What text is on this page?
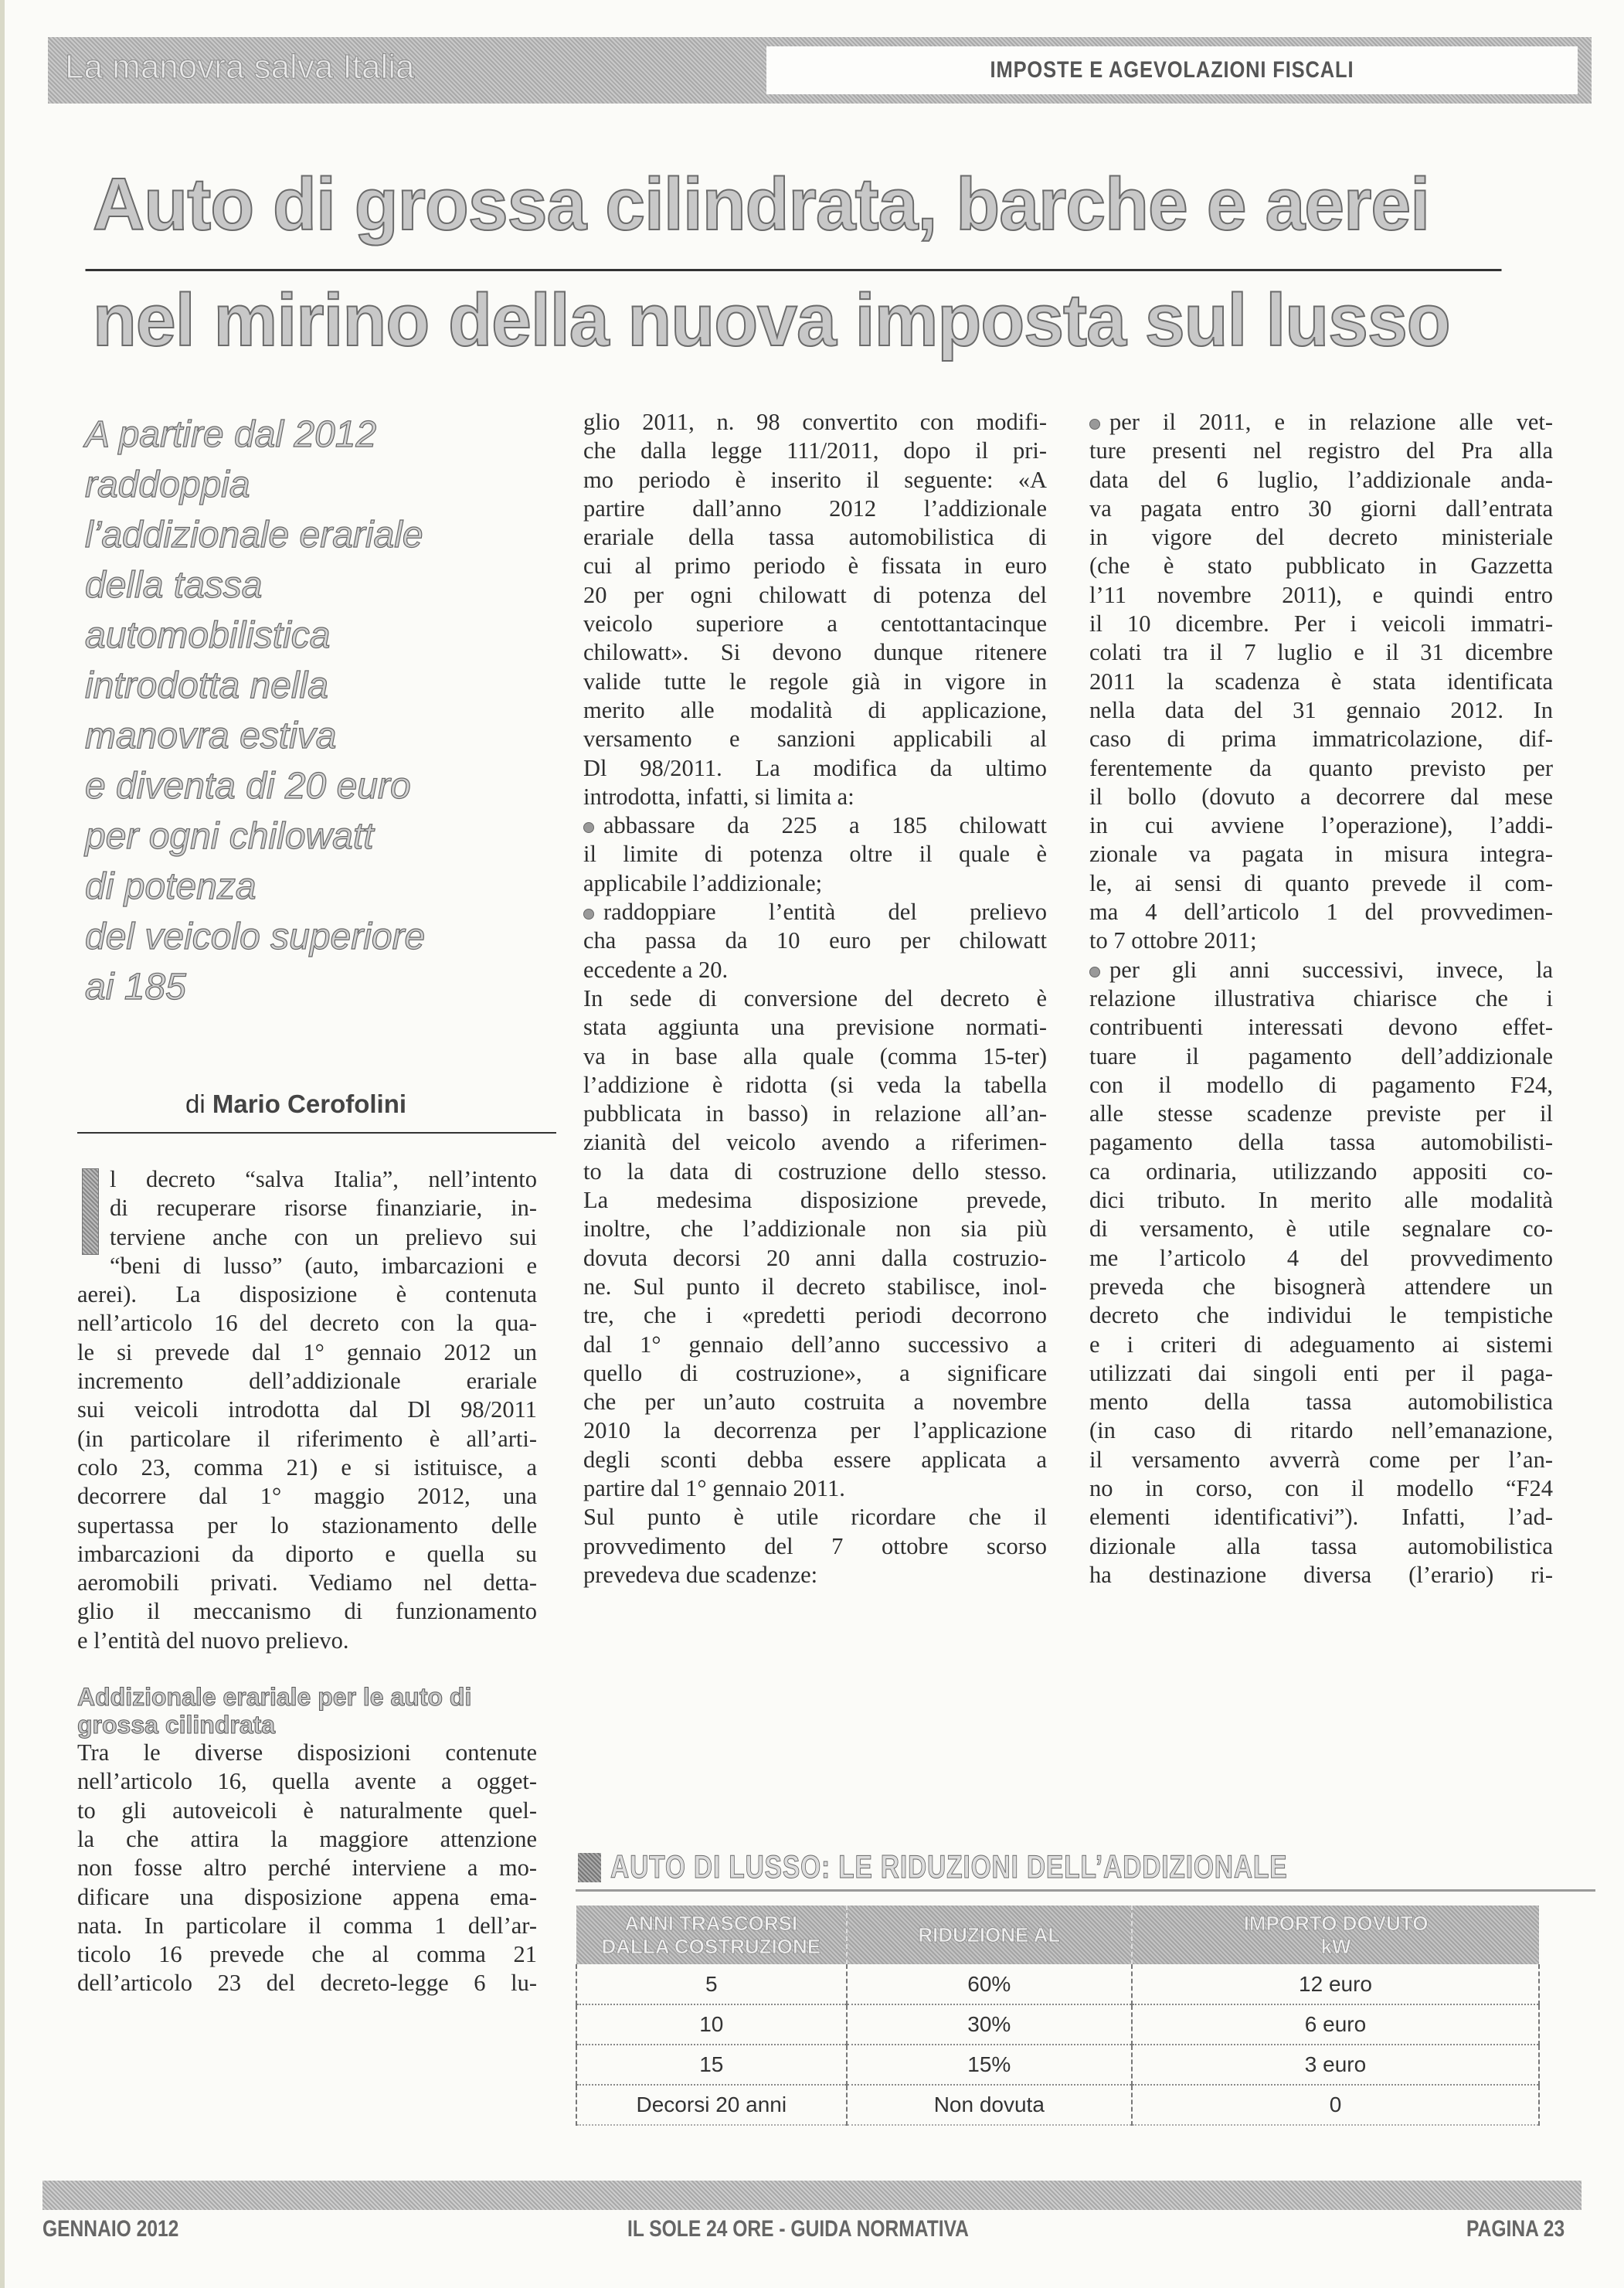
La manovra salva Italia	IMPOSTE E AGEVOLAZIONI FISCALI
Auto di grossa cilindrata, barche e aerei
nel mirino della nuova imposta sul lusso
A partire dal 2012
raddoppia
l’addizionale erariale
della tassa
automobilistica
introdotta nella
manovra estiva
e diventa di 20 euro
per ogni chilowatt
di potenza
del veicolo superiore
ai 185
di Mario Cerofolini
l decreto “salva Italia”, nell’intento
di recuperare risorse finanziarie, in-
terviene anche con un prelievo sui
“beni di lusso” (auto, imbarcazioni e
aerei). La disposizione è contenuta
nell’articolo 16 del decreto con la qua-
le si prevede dal 1° gennaio 2012 un
incremento dell’addizionale erariale
sui veicoli introdotta dal Dl 98/2011
(in particolare il riferimento è all’arti-
colo 23, comma 21) e si istituisce, a
decorrere dal 1° maggio 2012, una
supertassa per lo stazionamento delle
imbarcazioni da diporto e quella su
aeromobili privati. Vediamo nel detta-
glio il meccanismo di funzionamento
e l’entità del nuovo prelievo.
Addizionale erariale per le auto di grossa cilindrata
Tra le diverse disposizioni contenute
nell’articolo 16, quella avente a ogget-
to gli autoveicoli è naturalmente quel-
la che attira la maggiore attenzione
non fosse altro perché interviene a mo-
dificare una disposizione appena ema-
nata. In particolare il comma 1 dell’ar-
ticolo 16 prevede che al comma 21
dell’articolo 23 del decreto-legge 6 lu-
glio 2011, n. 98 convertito con modifi-
che dalla legge 111/2011, dopo il pri-
mo periodo è inserito il seguente: «A
partire dall’anno 2012 l’addizionale
erariale della tassa automobilistica di
cui al primo periodo è fissata in euro
20 per ogni chilowatt di potenza del
veicolo superiore a centottantacinque
chilowatt». Si devono dunque ritenere
valide tutte le regole già in vigore in
merito alle modalità di applicazione,
versamento e sanzioni applicabili al
Dl 98/2011. La modifica da ultimo
introdotta, infatti, si limita a:
abbassare da 225 a 185 chilowatt
il limite di potenza oltre il quale è
applicabile l’addizionale;
raddoppiare l’entità del prelievo
cha passa da 10 euro per chilowatt
eccedente a 20.
In sede di conversione del decreto è
stata aggiunta una previsione normati-
va in base alla quale (comma 15-ter)
l’addizione è ridotta (si veda la tabella
pubblicata in basso) in relazione all’an-
zianità del veicolo avendo a riferimen-
to la data di costruzione dello stesso.
La medesima disposizione prevede,
inoltre, che l’addizionale non sia più
dovuta decorsi 20 anni dalla costruzio-
ne. Sul punto il decreto stabilisce, inol-
tre, che i «predetti periodi decorrono
dal 1° gennaio dell’anno successivo a
quello di costruzione», a significare
che per un’auto costruita a novembre
2010 la decorrenza per l’applicazione
degli sconti debba essere applicata a
partire dal 1° gennaio 2011.
Sul punto è utile ricordare che il
provvedimento del 7 ottobre scorso
prevedeva due scadenze:
per il 2011, e in relazione alle vet-
ture presenti nel registro del Pra alla
data del 6 luglio, l’addizionale anda-
va pagata entro 30 giorni dall’entrata
in vigore del decreto ministeriale
(che è stato pubblicato in Gazzetta
l’11 novembre 2011), e quindi entro
il 10 dicembre. Per i veicoli immatri-
colati tra il 7 luglio e il 31 dicembre
2011 la scadenza è stata identificata
nella data del 31 gennaio 2012. In
caso di prima immatricolazione, dif-
ferentemente da quanto previsto per
il bollo (dovuto a decorrere dal mese
in cui avviene l’operazione), l’addi-
zionale va pagata in misura integra-
le, ai sensi di quanto prevede il com-
ma 4 dell’articolo 1 del provvedimen-
to 7 ottobre 2011;
per gli anni successivi, invece, la
relazione illustrativa chiarisce che i
contribuenti interessati devono effet-
tuare il pagamento dell’addizionale
con il modello di pagamento F24,
alle stesse scadenze previste per il
pagamento della tassa automobilisti-
ca ordinaria, utilizzando appositi co-
dici tributo. In merito alle modalità
di versamento, è utile segnalare co-
me l’articolo 4 del provvedimento
preveda che bisognerà attendere un
decreto che individui le tempistiche
e i criteri di adeguamento ai sistemi
utilizzati dai singoli enti per il paga-
mento della tassa automobilistica
(in caso di ritardo nell’emanazione,
il versamento avverrà come per l’an-
no in corso, con il modello “F24
elementi identificativi”). Infatti, l’ad-
dizionale alla tassa automobilistica
ha destinazione diversa (l’erario) ri-
AUTO DI LUSSO: LE RIDUZIONI DELL’ADDIZIONALE
ANNI TRASCORSI
DALLA COSTRUZIONE	RIDUZIONE AL	IMPORTO DOVUTO
kW
5	60%	12 euro
10	30%	6 euro
15	15%	3 euro
Decorsi 20 anni	Non dovuta	0
GENNAIO 2012	IL SOLE 24 ORE - GUIDA NORMATIVA	PAGINA 23
